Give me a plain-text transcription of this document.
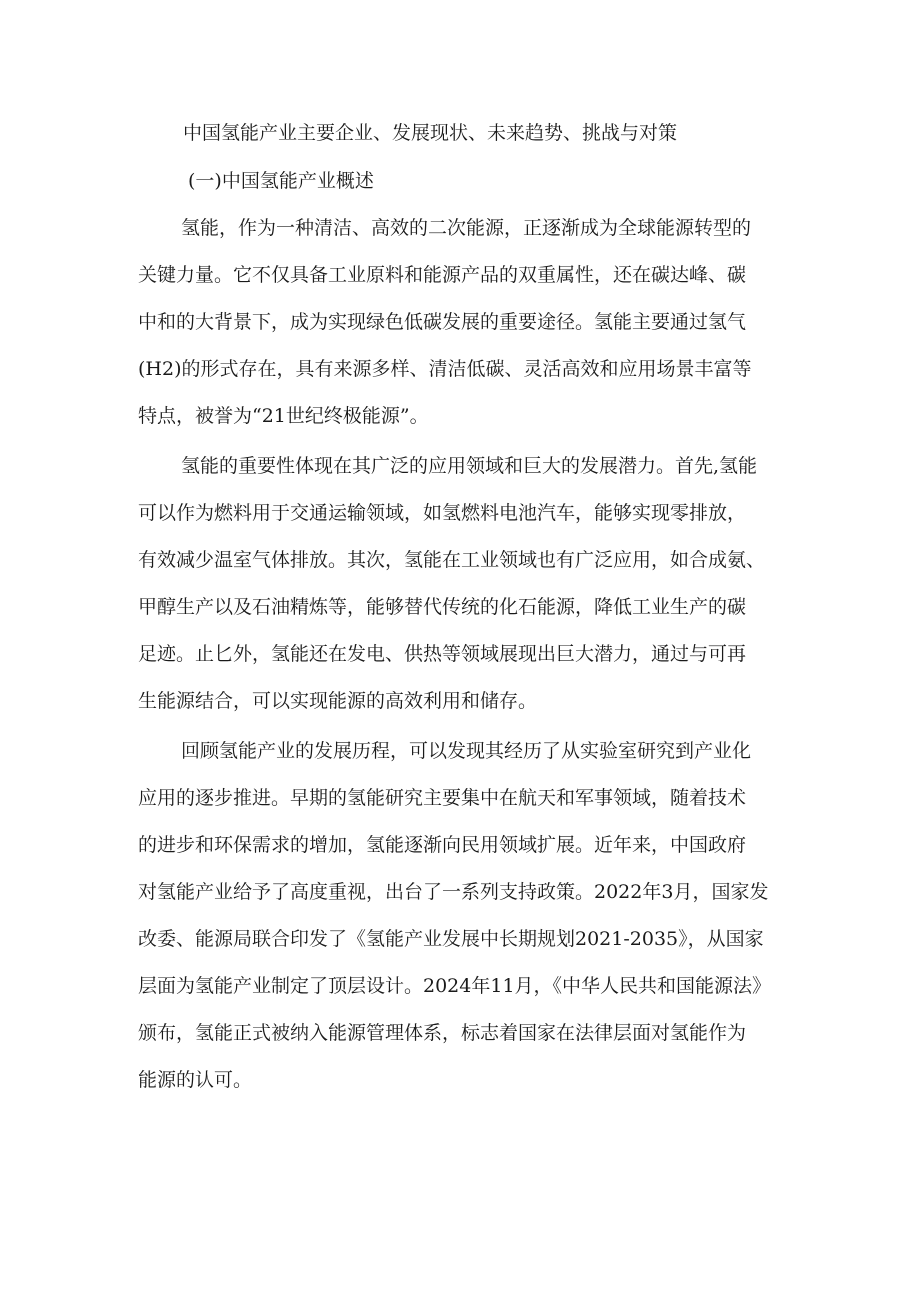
中国氢能产业主要企业、发展现状、未来趋势、挑战与对策
(一)中国氢能产业概述

氢能，作为一种清洁、高效的二次能源，正逐渐成为全球能源转型的

关键力量。它不仅具备工业原料和能源产品的双重属性，还在碳达峰、碳

中和的大背景下，成为实现绿色低碳发展的重要途径。氢能主要通过氢气

(H2)的形式存在，具有来源多样、清洁低碳、灵活高效和应用场景丰富等

特点，被誉为“21世纪终极能源”。

氢能的重要性体现在其广泛的应用领域和巨大的发展潜力。首先,氢能

可以作为燃料用于交通运输领域，如氢燃料电池汽车，能够实现零排放，

有效减少温室气体排放。其次，氢能在工业领域也有广泛应用，如合成氨、

甲醇生产以及石油精炼等，能够替代传统的化石能源，降低工业生产的碳

足迹。止匕外，氢能还在发电、供热等领域展现出巨大潜力，通过与可再

生能源结合，可以实现能源的高效利用和储存。

回顾氢能产业的发展历程，可以发现其经历了从实验室研究到产业化

应用的逐步推进。早期的氢能研究主要集中在航天和军事领域，随着技术

的进步和环保需求的增加，氢能逐渐向民用领域扩展。近年来，中国政府

对氢能产业给予了高度重视，出台了一系列支持政策。2022年3月，国家发

改委、能源局联合印发了《氢能产业发展中长期规划2021-2035》，从国家

层面为氢能产业制定了顶层设计。2024年11月，《中华人民共和国能源法》

颁布，氢能正式被纳入能源管理体系，标志着国家在法律层面对氢能作为

能源的认可。
